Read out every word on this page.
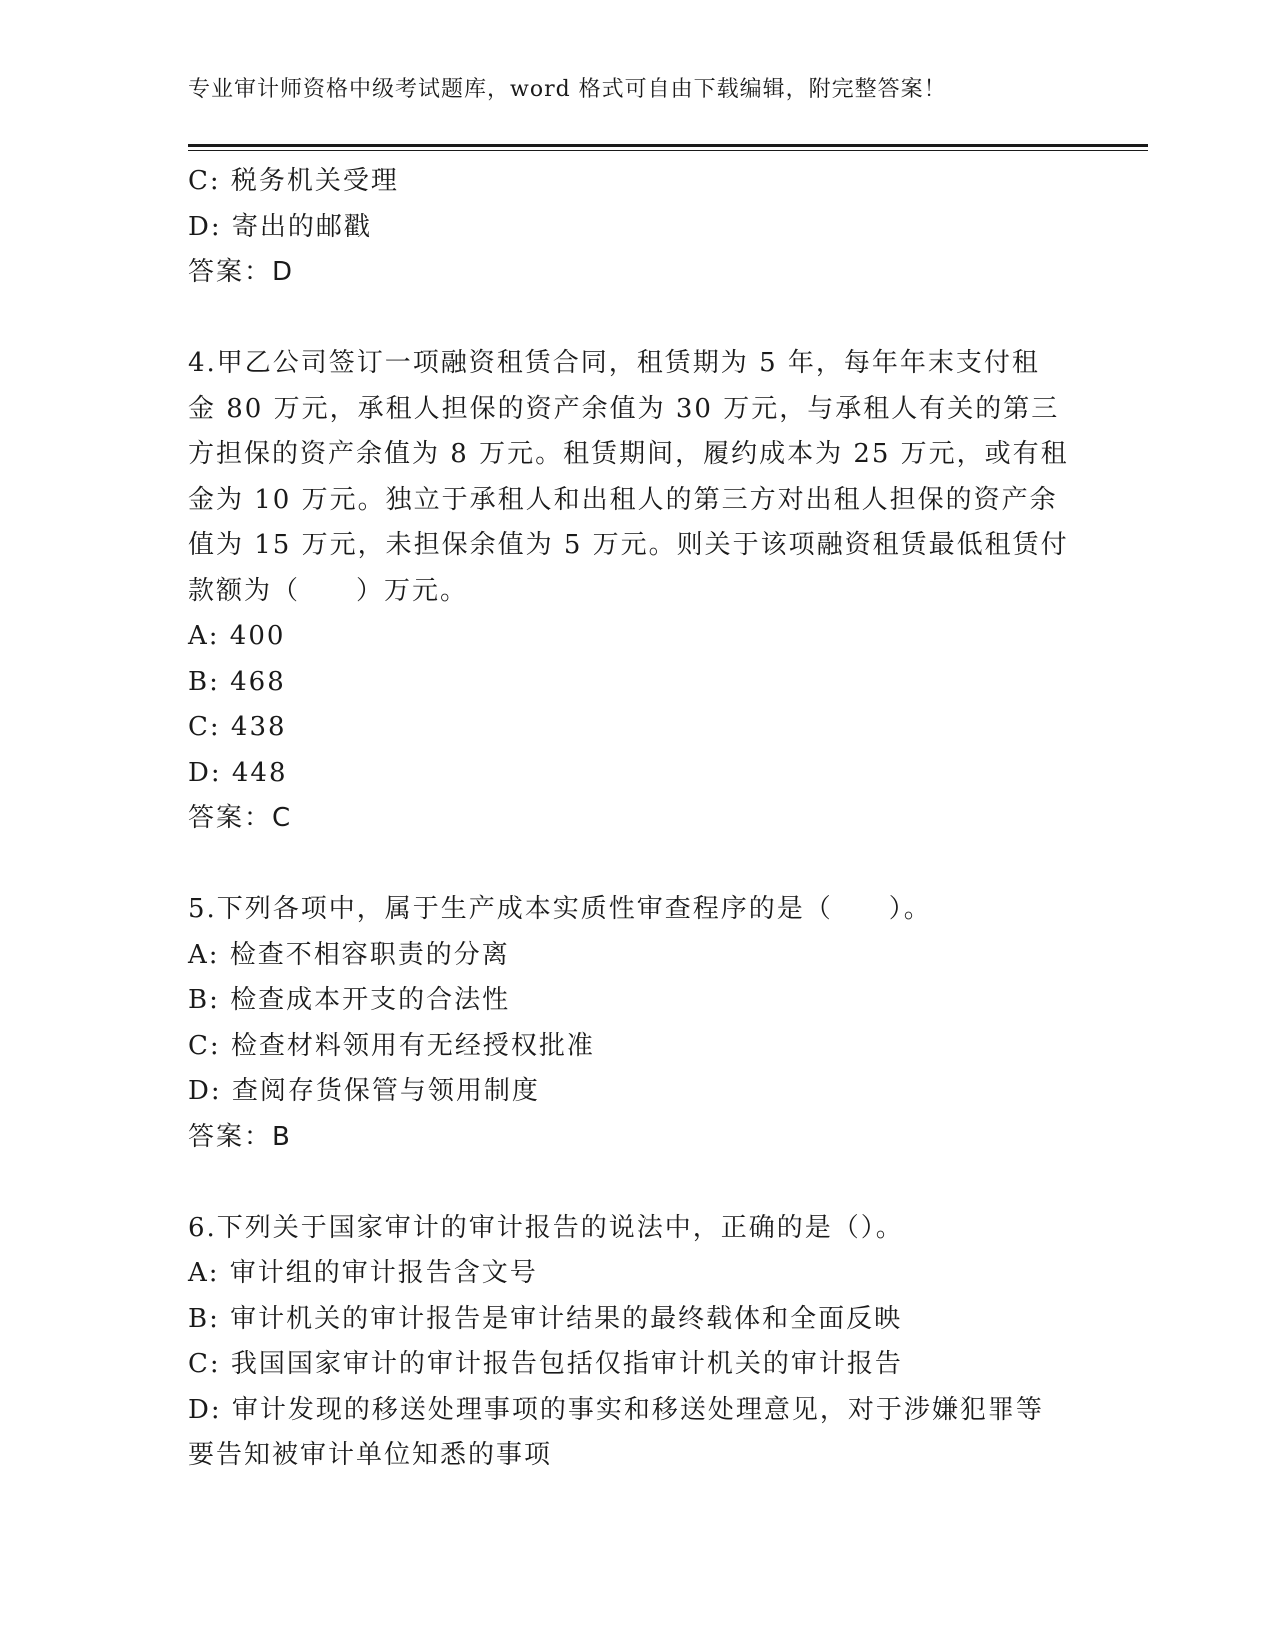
专业审计师资格中级考试题库，word 格式可自由下载编辑，附完整答案！

C: 税务机关受理

D: 寄出的邮戳

答案：D

4.甲乙公司签订一项融资租赁合同，租赁期为 5 年，每年年末支付租

金 80 万元，承租人担保的资产余值为 30 万元，与承租人有关的第三

方担保的资产余值为 8 万元。租赁期间，履约成本为 25 万元，或有租

金为 10 万元。独立于承租人和出租人的第三方对出租人担保的资产余

值为 15 万元，未担保余值为 5 万元。则关于该项融资租赁最低租赁付

款额为（　　）万元。

A: 400

B: 468

C: 438

D: 448

答案：C

5.下列各项中，属于生产成本实质性审查程序的是（　　）。

A: 检查不相容职责的分离

B: 检查成本开支的合法性

C: 检查材料领用有无经授权批准

D: 查阅存货保管与领用制度

答案：B

6.下列关于国家审计的审计报告的说法中，正确的是（）。

A: 审计组的审计报告含文号

B: 审计机关的审计报告是审计结果的最终载体和全面反映

C: 我国国家审计的审计报告包括仅指审计机关的审计报告

D: 审计发现的移送处理事项的事实和移送处理意见，对于涉嫌犯罪等

要告知被审计单位知悉的事项
